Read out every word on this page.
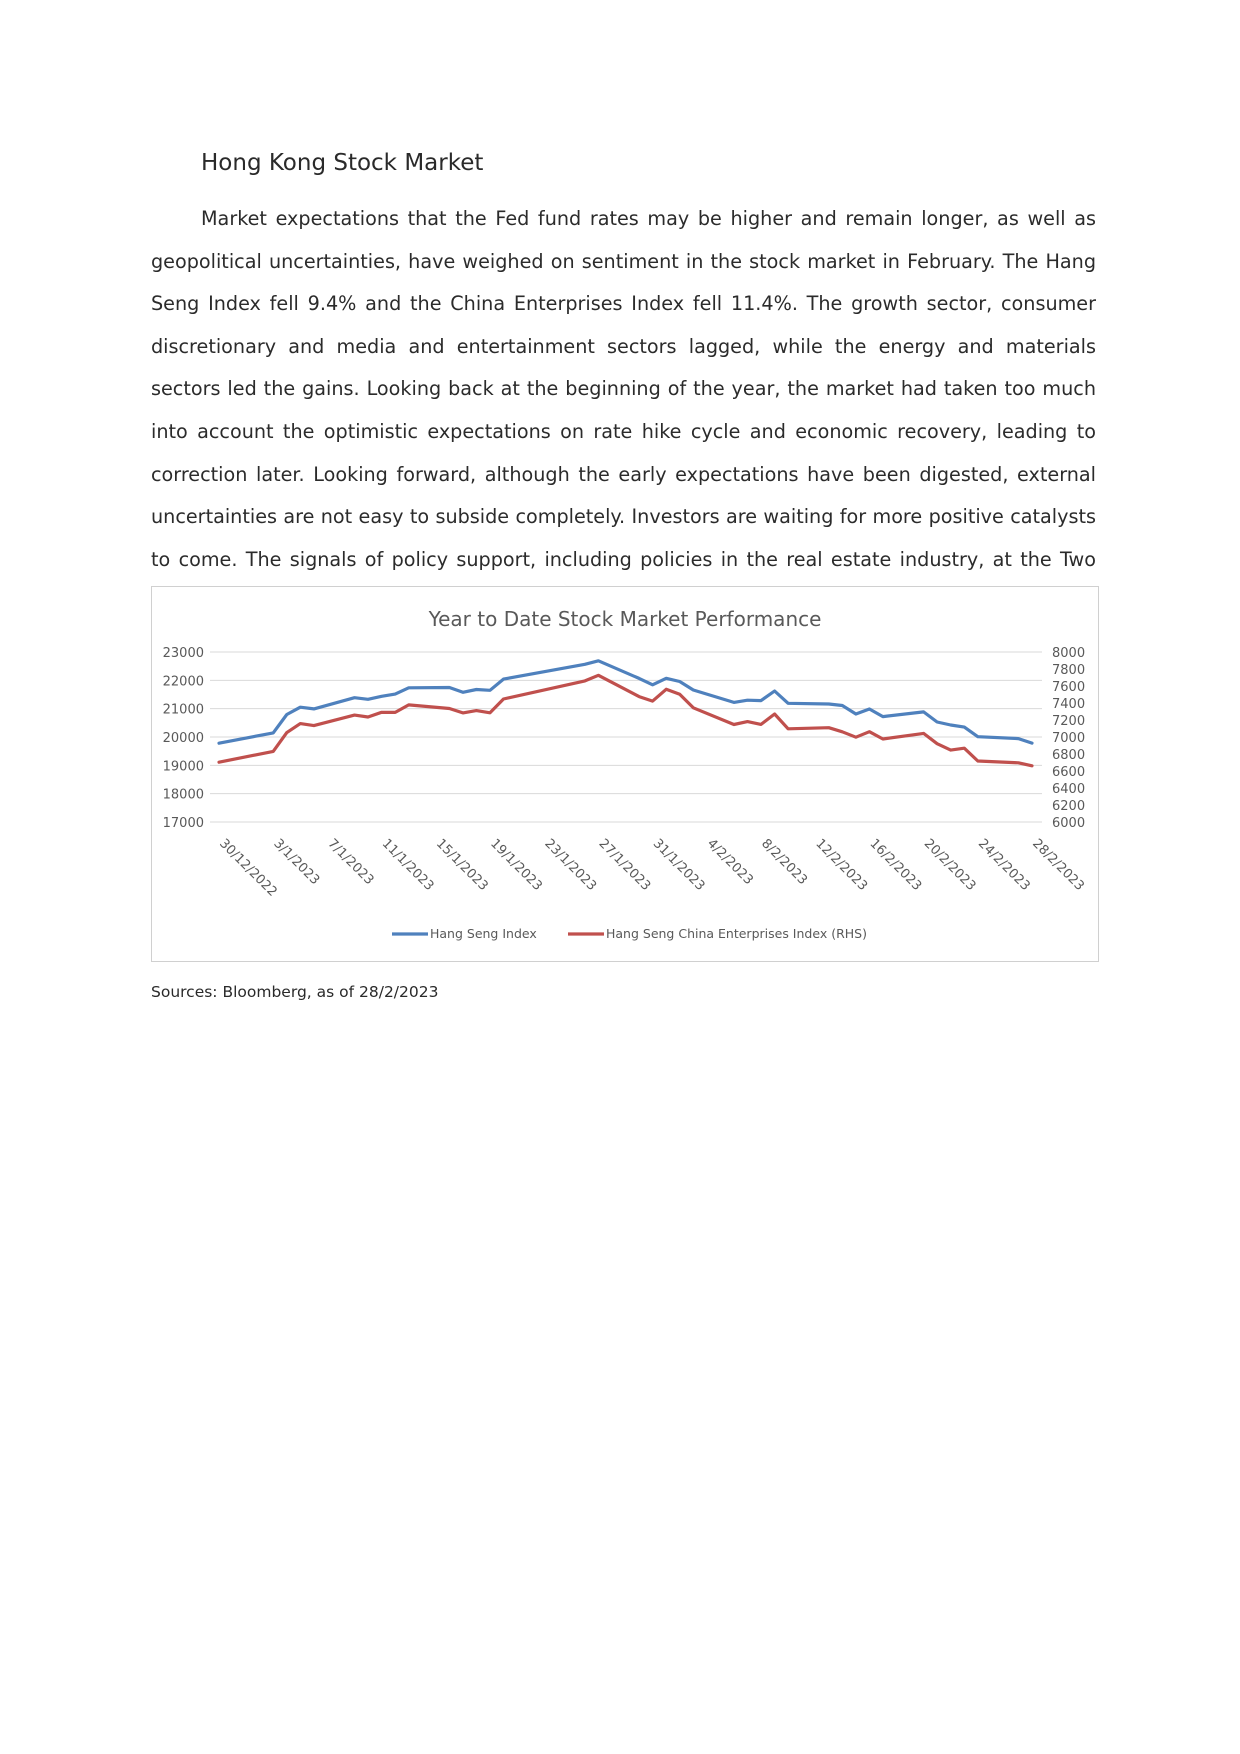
Hong Kong Stock Market

Market expectations that the Fed fund rates may be higher and remain longer, as well as geopolitical uncertainties, have weighed on sentiment in the stock market in February. The Hang Seng Index fell 9.4% and the China Enterprises Index fell 11.4%. The growth sector, consumer discretionary and media and entertainment sectors lagged, while the energy and materials sectors led the gains. Looking back at the beginning of the year, the market had taken too much into account the optimistic expectations on rate hike cycle and economic recovery, leading to correction later. Looking forward, although the early expectations have been digested, external uncertainties are not easy to subside completely. Investors are waiting for more positive catalysts to come. The signals of policy support, including policies in the real estate industry, at the Two

Year to Date Stock Market Performance
17000
18000
19000
20000
21000
22000
23000
6000
6200
6400
6600
6800
7000
7200
7400
7600
7800
8000
30/12/2022
3/1/2023 7/1/2023 11/1/2023
15/1/2023
19/1/2023
23/1/2023
27/1/2023
31/1/2023
4/2/2023 8/2/2023 12/2/2023
16/2/2023
20/2/2023
24/2/2023
28/2/2023
Hang Seng Index	Hang Seng China Enterprises Index (RHS)

Sources: Bloomberg, as of 28/2/2023
